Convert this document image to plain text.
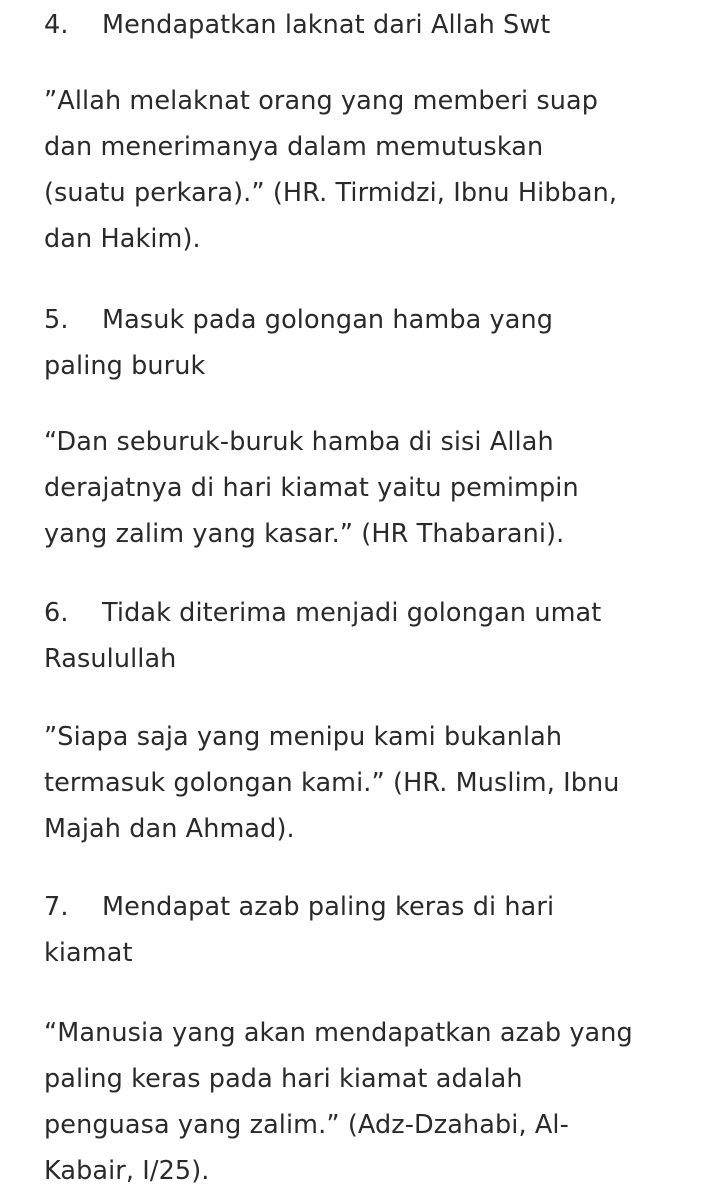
4. Mendapatkan laknat dari Allah Swt

”Allah melaknat orang yang memberi suap
dan menerimanya dalam memutuskan
(suatu perkara).” (HR. Tirmidzi, Ibnu Hibban,
dan Hakim).

5. Masuk pada golongan hamba yang
paling buruk

“Dan seburuk-buruk hamba di sisi Allah
derajatnya di hari kiamat yaitu pemimpin
yang zalim yang kasar.” (HR Thabarani).

6. Tidak diterima menjadi golongan umat
Rasulullah

”Siapa saja yang menipu kami bukanlah
termasuk golongan kami.” (HR. Muslim, Ibnu
Majah dan Ahmad).

7. Mendapat azab paling keras di hari
kiamat

“Manusia yang akan mendapatkan azab yang
paling keras pada hari kiamat adalah
penguasa yang zalim.” (Adz-Dzahabi, Al-
Kabair, I/25).
